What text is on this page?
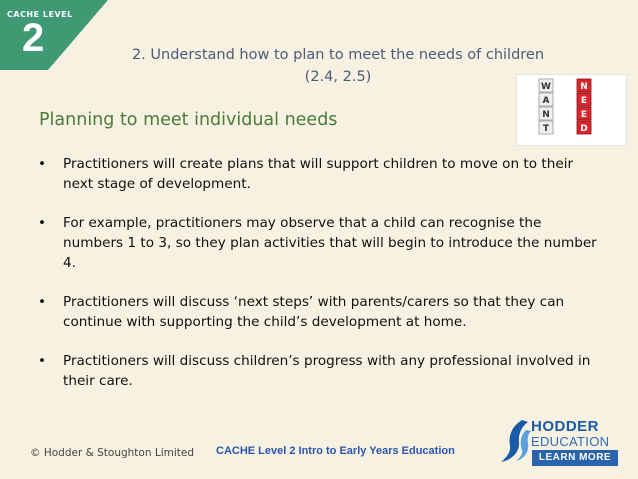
CACHE LEVEL
2	2. Understand how to plan to meet the needs of children
(2.4, 2.5)
Planning to meet individual needs
W
A
N
T
N
E
E
D
• Practitioners will create plans that will support children to move on to their next stage of development.
• For example, practitioners may observe that a child can recognise the numbers 1 to 3, so they plan activities that will begin to introduce the number 4.
• Practitioners will discuss ‘next steps’ with parents/carers so that they can continue with supporting the child’s development at home.
• Practitioners will discuss children’s progress with any professional involved in their care.
© Hodder & Stoughton Limited CACHE Level 2 Intro to Early Years Education
HODDER
EDUCATION
LEARN MORE
